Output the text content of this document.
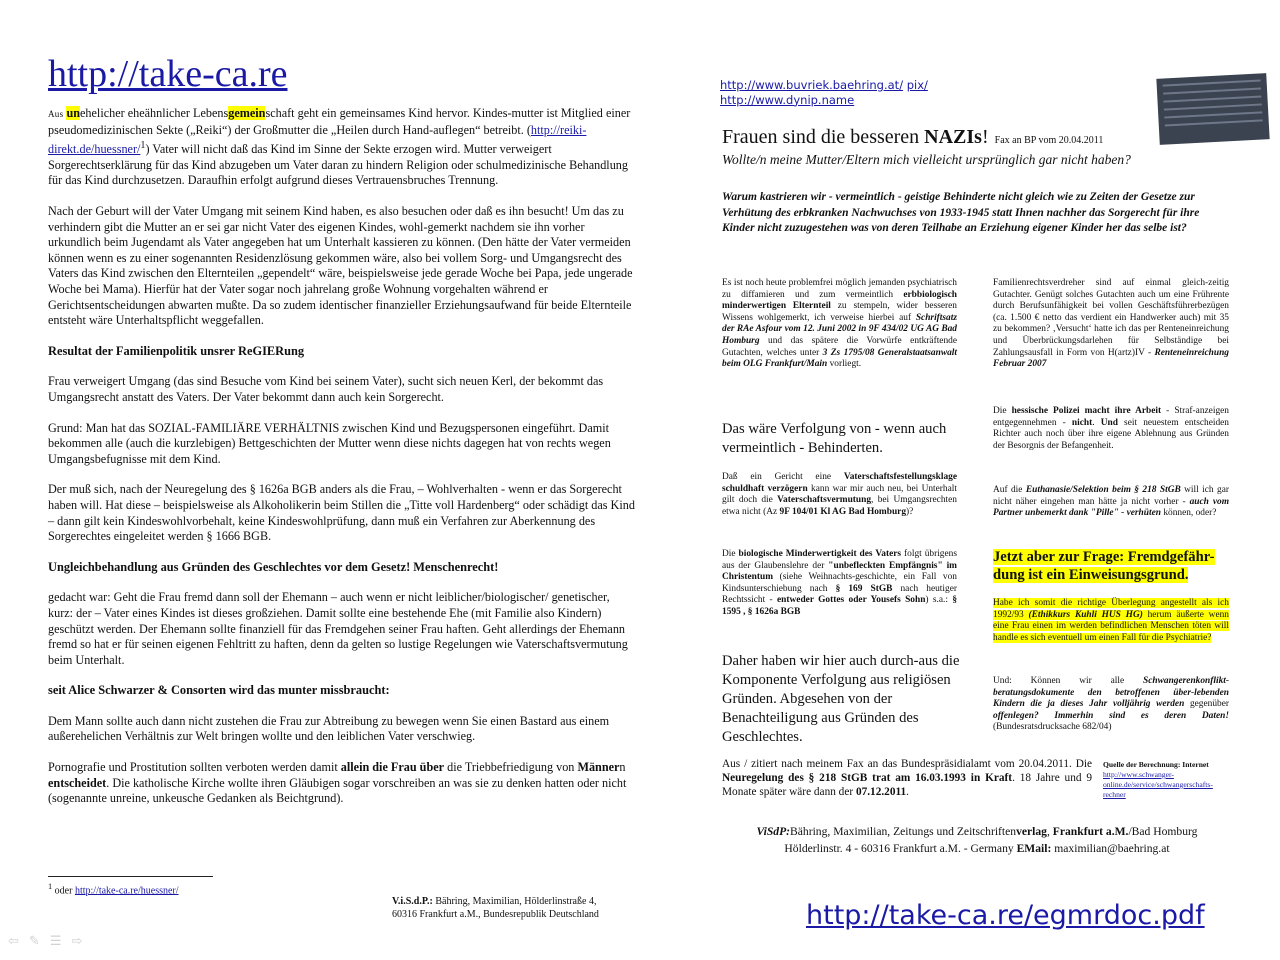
http://take-ca.re

Aus unehelicher eheähnlicher Lebensgemeinschaft geht ein gemeinsames Kind hervor. Kindes-mutter ist Mitglied einer pseudomedizinischen Sekte („Reiki“) der Großmutter die „Heilen durch Hand-auflegen“ betreibt. (http://reiki-direkt.de/huessner/$^1$) Vater will nicht daß das Kind im Sinne der Sekte erzogen wird. Mutter verweigert Sorgerechtserklärung für das Kind abzugeben um Vater daran zu hindern Religion oder schulmedizinische Behandlung für das Kind durchzusetzen. Daraufhin erfolgt aufgrund dieses Vertrauensbruches Trennung.

Nach der Geburt will der Vater Umgang mit seinem Kind haben, es also besuchen oder daß es ihn besucht! Um das zu verhindern gibt die Mutter an er sei gar nicht Vater des eigenen Kindes, wohl-gemerkt nachdem sie ihn vorher urkundlich beim Jugendamt als Vater angegeben hat um Unterhalt kassieren zu können. (Den hätte der Vater vermeiden können wenn es zu einer sogenannten Residenzlösung gekommen wäre, also bei vollem Sorg- und Umgangsrecht des Vaters das Kind zwischen den Elternteilen „gependelt“ wäre, beispielsweise jede gerade Woche bei Papa, jede ungerade Woche bei Mama). Hierfür hat der Vater sogar noch jahrelang große Wohnung vorgehalten während er Gerichtsentscheidungen abwarten mußte. Da so zudem identischer finanzieller Erziehungsaufwand für beide Elternteile entsteht wäre Unterhaltspflicht weggefallen.

Resultat der Familienpolitik unsrer ReGIERung

Frau verweigert Umgang (das sind Besuche vom Kind bei seinem Vater), sucht sich neuen Kerl, der bekommt das Umgangsrecht anstatt des Vaters. Der Vater bekommt dann auch kein Sorgerecht.

Grund: Man hat das SOZIAL-FAMILIÄRE VERHÄLTNIS zwischen Kind und Bezugspersonen eingeführt. Damit bekommen alle (auch die kurzlebigen) Bettgeschichten der Mutter wenn diese nichts dagegen hat von rechts wegen Umgangsbefugnisse mit dem Kind.

Der muß sich, nach der Neuregelung des § 1626a BGB anders als die Frau, – Wohlverhalten - wenn er das Sorgerecht haben will. Hat diese – beispielsweise als Alkoholikerin beim Stillen die „Titte voll Hardenberg“ oder schädigt das Kind – dann gilt kein Kindeswohlvorbehalt, keine Kindeswohlprüfung, dann muß ein Verfahren zur Aberkennung des Sorgerechtes eingeleitet werden § 1666 BGB.

Ungleichbehandlung aus Gründen des Geschlechtes vor dem Gesetz! Menschenrecht!

gedacht war: Geht die Frau fremd dann soll der Ehemann – auch wenn er nicht leiblicher/biologischer/ genetischer, kurz: der – Vater eines Kindes ist dieses großziehen. Damit sollte eine bestehende Ehe (mit Familie also Kindern) geschützt werden. Der Ehemann sollte finanziell für das Fremdgehen seiner Frau haften. Geht allerdings der Ehemann fremd so hat er für seinen eigenen Fehltritt zu haften, denn da gelten so lustige Regelungen wie Vaterschaftsvermutung beim Unterhalt.

seit Alice Schwarzer & Consorten wird das munter missbraucht:

Dem Mann sollte auch dann nicht zustehen die Frau zur Abtreibung zu bewegen wenn Sie einen Bastard aus einem außerehelichen Verhältnis zur Welt bringen wollte und den leiblichen Vater verschwieg.

Pornografie und Prostitution sollten verboten werden damit allein die Frau über die Triebbefriedigung von Männern entscheidet. Die katholische Kirche wollte ihren Gläubigen sogar vorschreiben an was sie zu denken hatten oder nicht (sogenannte unreine, unkeusche Gedanken als Beichtgrund).

$^1$ oder http://take-ca.re/huessner/
V.i.S.d.P.: Bähring, Maximilian, Hölderlinstraße 4,
60316 Frankfurt a.M., Bundesrepublik Deutschland
http://www.buvriek.baehring.at/ pix/
http://www.dynip.name
Frauen sind die besseren NAZIs! Fax an BP vom 20.04.2011
Wollte/n meine Mutter/Eltern mich vielleicht ursprünglich gar nicht haben?
Warum kastrieren wir - vermeintlich - geistige Behinderte nicht gleich wie zu Zeiten der Gesetze zur Verhütung des erbkranken Nachwuchses von 1933-1945 statt Ihnen nachher das Sorgerecht für ihre Kinder nicht zuzugestehen was von deren Teilhabe an Erziehung eigener Kinder her das selbe ist?
Es ist noch heute problemfrei möglich jemanden psychiatrisch zu diffamieren und zum vermeintlich erbbiologisch minderwertigen Elternteil zu stempeln, wider besseren Wissens wohlgemerkt, ich verweise hierbei auf Schriftsatz der RAe Asfour vom 12. Juni 2002 in 9F 434/02 UG AG Bad Homburg und das spätere die Vorwürfe entkräftende Gutachten, welches unter 3 Zs 1795/08 Generalstaatsanwalt beim OLG Frankfurt/Main vorliegt.
Das wäre Verfolgung von - wenn auch vermeintlich - Behinderten.
Daß ein Gericht eine Vaterschaftsfestellungsklage schuldhaft verzögern kann war mir auch neu, bei Unterhalt gilt doch die Vaterschaftsvermutung, bei Umgangsrechten etwa nicht (Az 9F 104/01 Kl AG Bad Homburg)?
Die biologische Minderwertigkeit des Vaters folgt übrigens aus der Glaubenslehre der "unbefleckten Empfängnis" im Christentum (siehe Weihnachts-geschichte, ein Fall von Kindsunterschiebung nach § 169 StGB nach heutiger Rechtssicht - entweder Gottes oder Yousefs Sohn) s.a.: § 1595 , § 1626a BGB
Daher haben wir hier auch durch-aus die Komponente Verfolgung aus religiösen Gründen. Abgesehen von der Benachteiligung aus Gründen des Geschlechtes.
Familienrechtsverdreher sind auf einmal gleich-zeitig Gutachter. Genügt solches Gutachten auch um eine Frührente durch Berufsunfähigkeit bei vollen Geschäftsführerbezügen (ca. 1.500 € netto das verdient ein Handwerker auch) mit 35 zu bekommen? ‚Versucht‘ hatte ich das per Renteneinreichung und Überbrückungsdarlehen für Selbständige bei Zahlungsausfall in Form von H(artz)IV - Renteneinreichung Februar 2007
Die hessische Polizei macht ihre Arbeit - Straf-anzeigen entgegennehmen - nicht. Und seit neuestem entscheiden Richter auch noch über ihre eigene Ablehnung aus Gründen der Besorgnis der Befangenheit.
Auf die Euthanasie/Selektion beim § 218 StGB will ich gar nicht näher eingehen man hätte ja nicht vorher - auch vom Partner unbemerkt dank "Pille" - verhüten können, oder?
Jetzt aber zur Frage: Fremdgefähr-dung ist ein Einweisungsgrund.
Habe ich somit die richtige Überlegung angestellt als ich 1992/93 (Ethikkurs Kuhli HUS HG) herum äußerte wenn eine Frau einen im werden befindlichen Menschen töten will handle es sich eventuell um einen Fall für die Psychiatrie?
Und: Können wir alle Schwangerenkonflikt-beratungsdokumente den betroffenen über-lebenden Kindern die ja dieses Jahr volljährig werden gegenüber offenlegen? Immerhin sind es deren Daten! (Bundesratsdrucksache 682/04)
Aus / zitiert nach meinem Fax an das Bundespräsidialamt vom 20.04.2011. Die Neuregelung des § 218 StGB trat am 16.03.1993 in Kraft. 18 Jahre und 9 Monate später wäre dann der 07.12.2011.
Quelle der Berechnung: Internet
http://www.schwanger-online.de/service/schwangerschafts-rechner
ViSdP:Bähring, Maximilian, Zeitungs und Zeitschriftenverlag, Frankfurt a.M./Bad Homburg
Hölderlinstr. 4 - 60316 Frankfurt a.M. - Germany EMail: maximilian@baehring.at
http://take-ca.re/egmrdoc.pdf
⇦✎☰⇨
